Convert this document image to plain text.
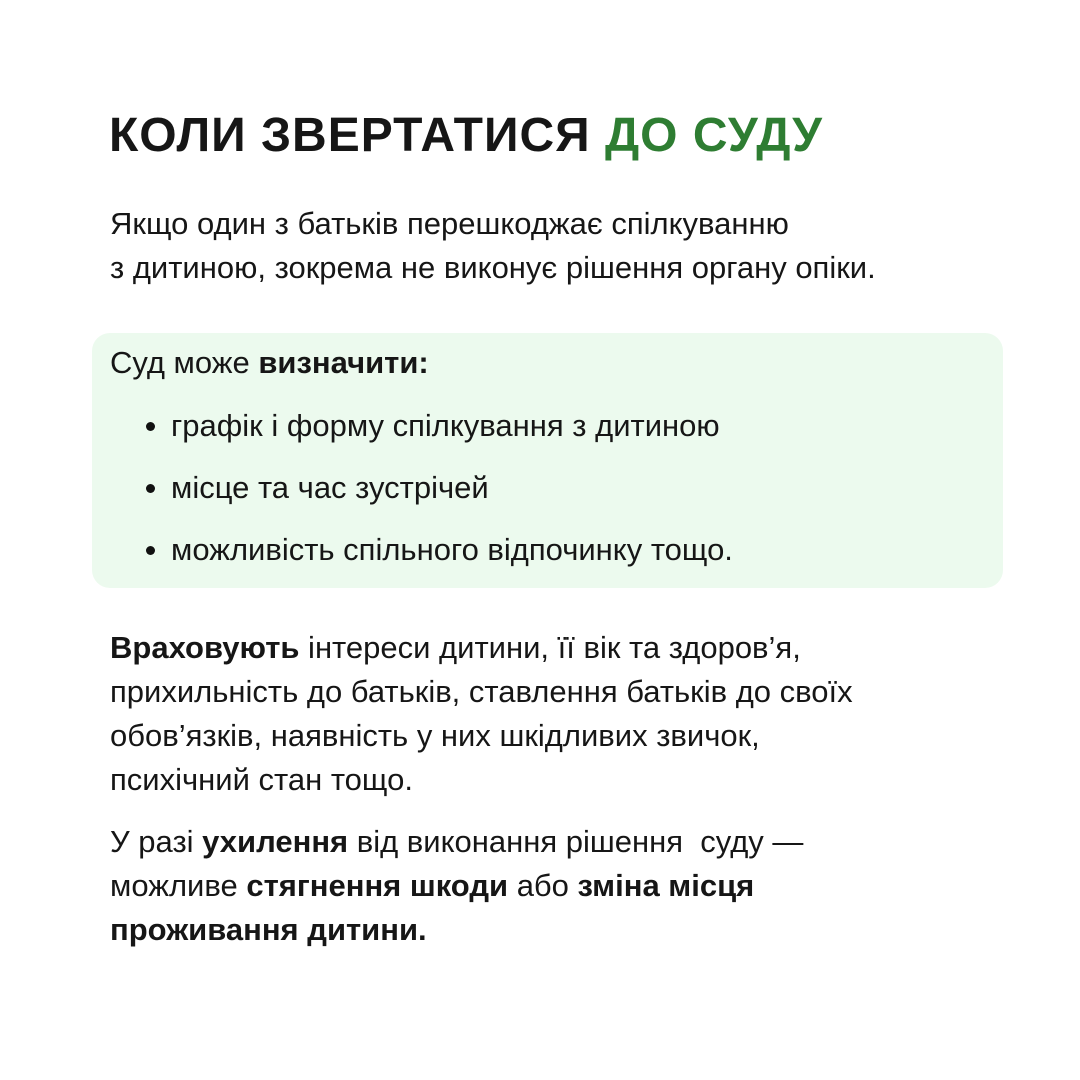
КОЛИ ЗВЕРТАТИСЯ ДО СУДУ
Якщо один з батьків перешкоджає спілкуванню
з дитиною, зокрема не виконує рішення органу опіки.
Суд може визначити:
графік і форму спілкування з дитиною
місце та час зустрічей
можливість спільного відпочинку тощо.
Враховують інтереси дитини, її вік та здоров’я,
прихильність до батьків, ставлення батьків до своїх
обов’язків, наявність у них шкідливих звичок,
психічний стан тощо.
У разі ухилення від виконання рішення  суду —
можливе стягнення шкоди або зміна місця
проживання дитини.
